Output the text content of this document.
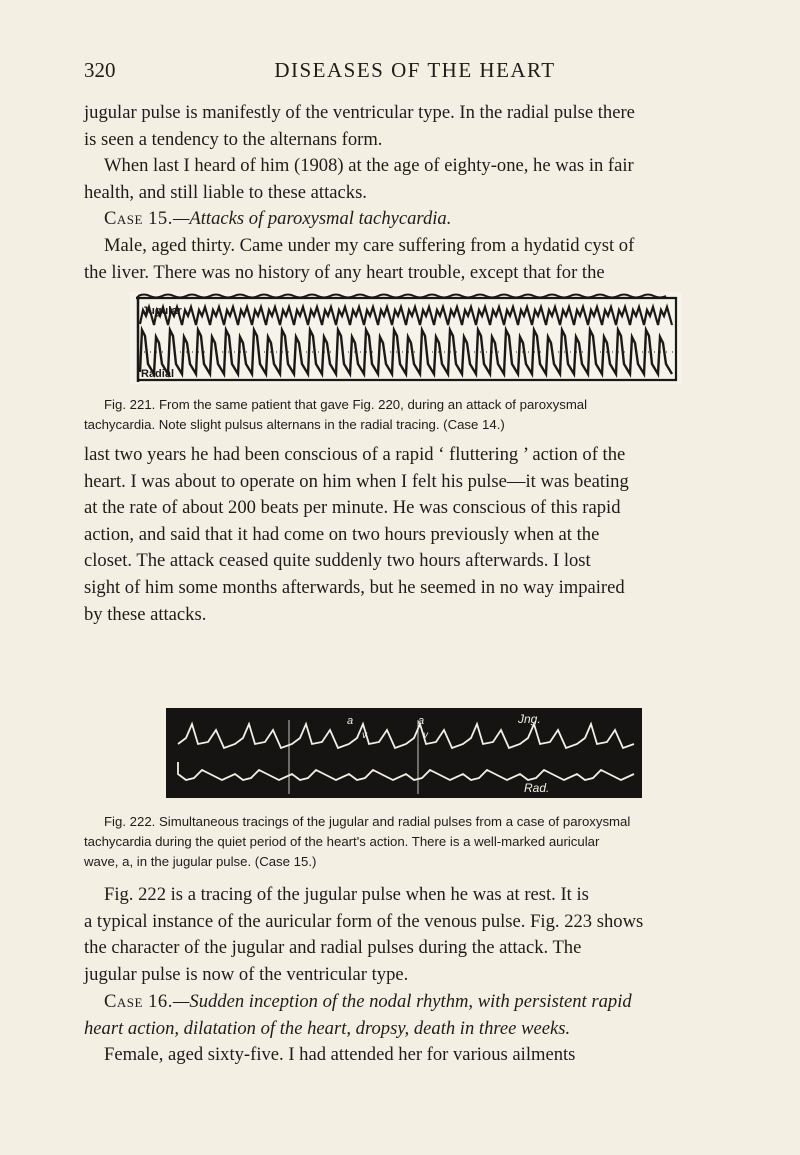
320	DISEASES OF THE HEART

jugular pulse is manifestly of the ventricular type. In the radial pulse there
is seen a tendency to the alternans form.

When last I heard of him (1908) at the age of eighty-one, he was in fair
health, and still liable to these attacks.

Case 15.—Attacks of paroxysmal tachycardia.

Male, aged thirty. Came under my care suffering from a hydatid cyst of
the liver. There was no history of any heart trouble, except that for the

Jugular
Radial

Fig. 221. From the same patient that gave Fig. 220, during an attack of paroxysmal
tachycardia. Note slight pulsus alternans in the radial tracing. (Case 14.)

last two years he had been conscious of a rapid ‘ fluttering ’ action of the
heart. I was about to operate on him when I felt his pulse—it was beating
at the rate of about 200 beats per minute. He was conscious of this rapid
action, and said that it had come on two hours previously when at the
closet. The attack ceased quite suddenly two hours afterwards. I lost
sight of him some months afterwards, but he seemed in no way impaired
by these attacks.

a	a
v	v
Jng.
Rad.

Fig. 222. Simultaneous tracings of the jugular and radial pulses from a case of paroxysmal
tachycardia during the quiet period of the heart's action. There is a well-marked auricular
wave, a, in the jugular pulse. (Case 15.)

Fig. 222 is a tracing of the jugular pulse when he was at rest. It is
a typical instance of the auricular form of the venous pulse. Fig. 223 shows
the character of the jugular and radial pulses during the attack. The
jugular pulse is now of the ventricular type.

Case 16.—Sudden inception of the nodal rhythm, with persistent rapid
heart action, dilatation of the heart, dropsy, death in three weeks.

Female, aged sixty-five. I had attended her for various ailments
